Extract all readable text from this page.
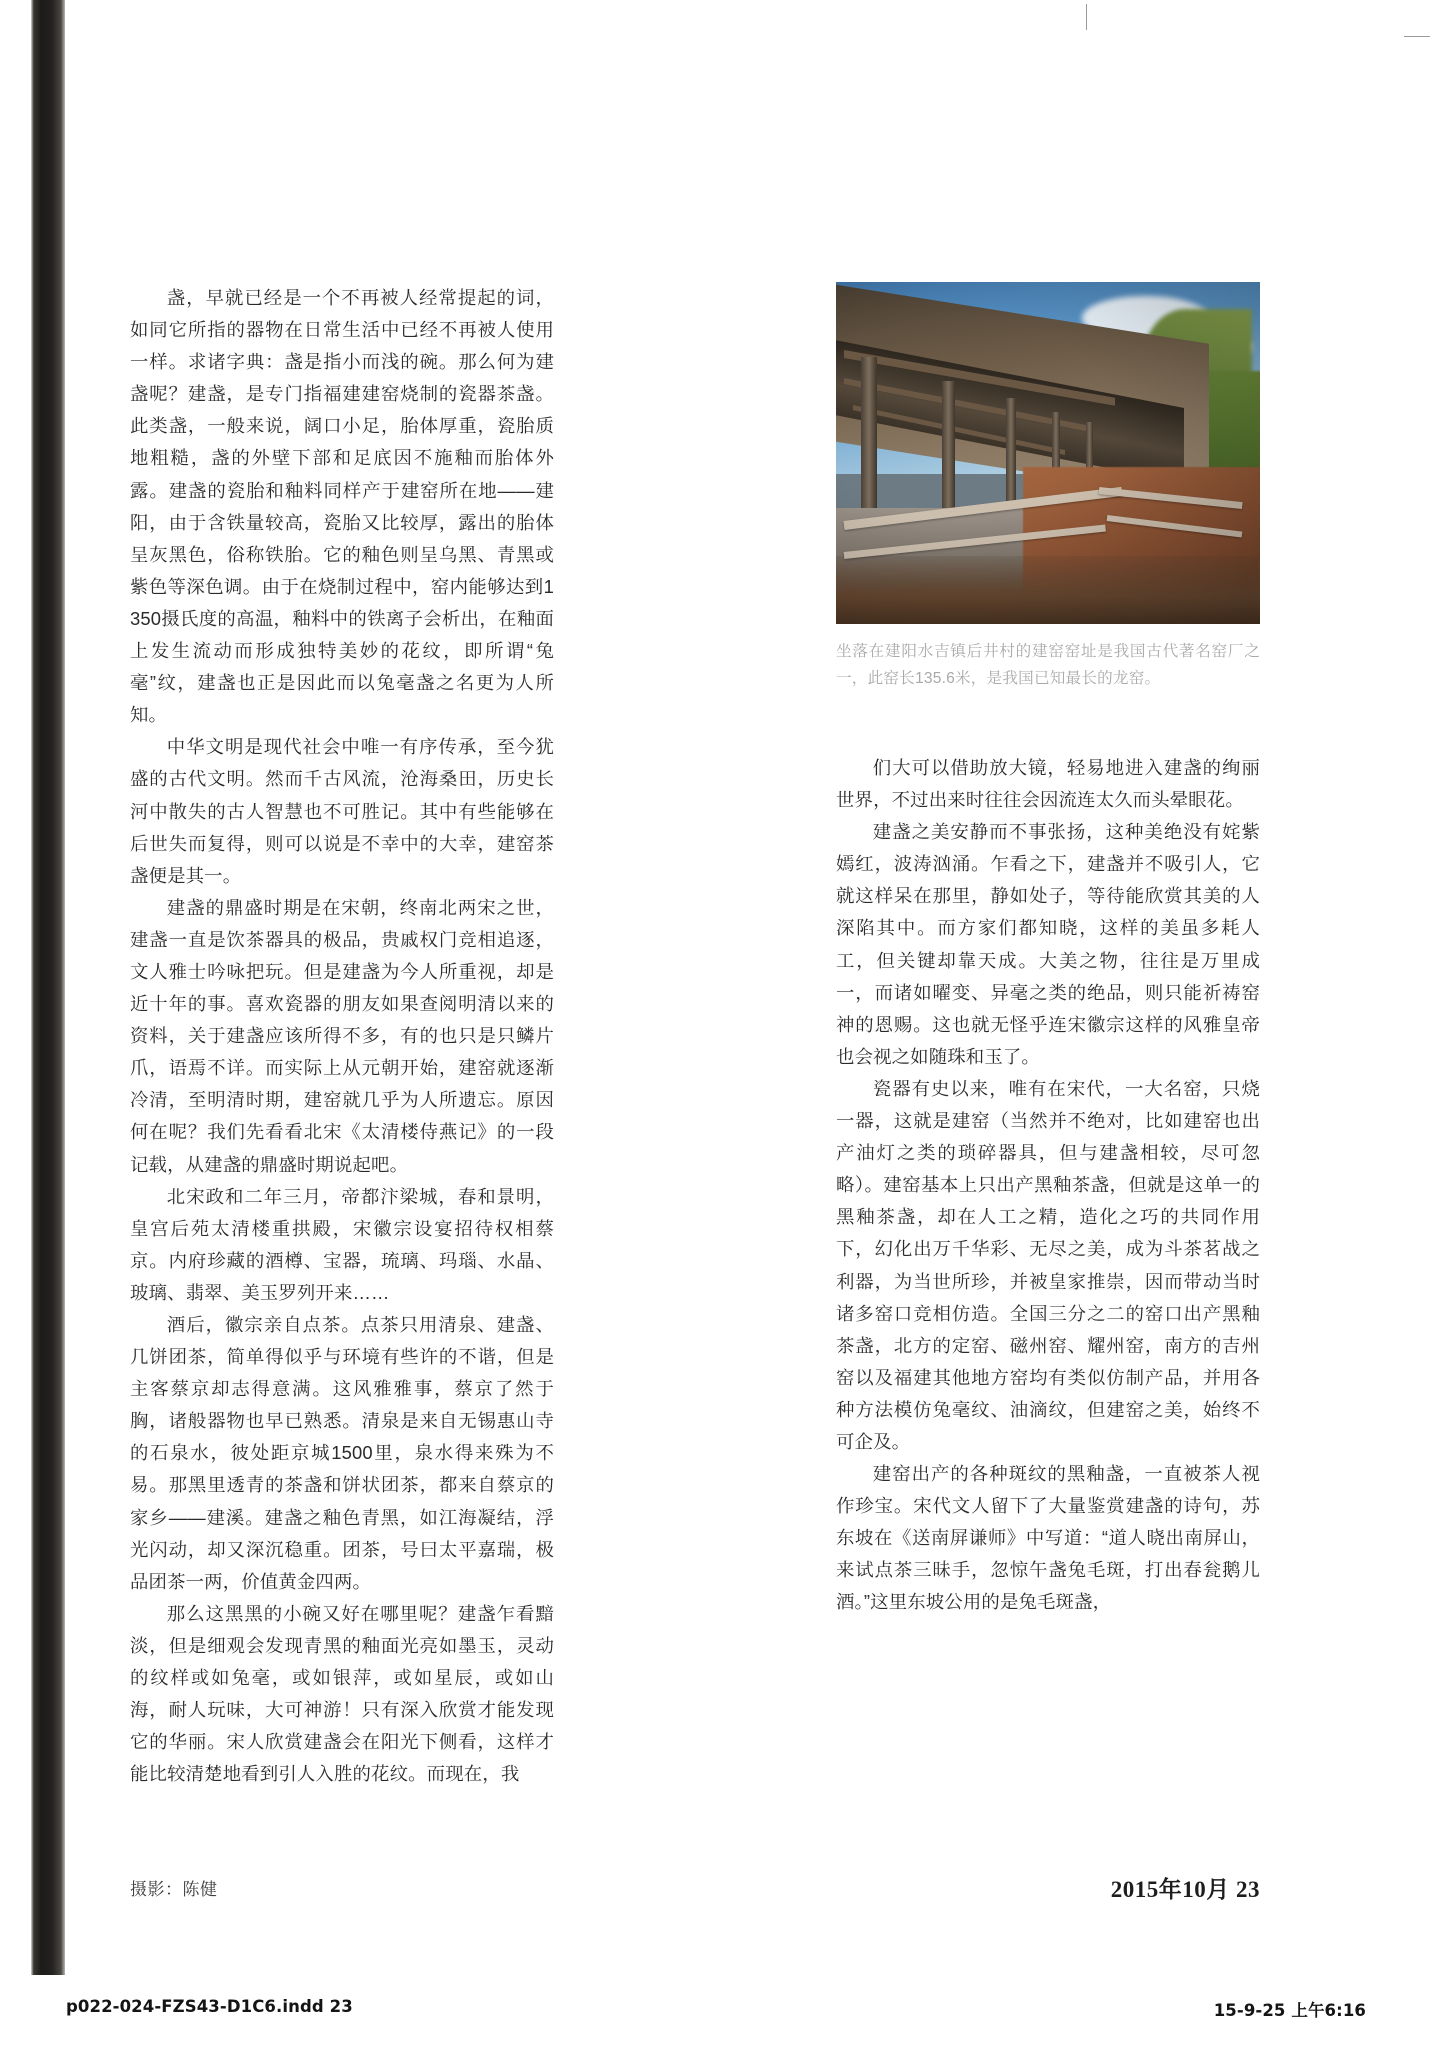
坐落在建阳水吉镇后井村的建窑窑址是我国古代著名窑厂之一，此窑长135.6米，是我国已知最长的龙窑。

盏，早就已经是一个不再被人经常提起的词，如同它所指的器物在日常生活中已经不再被人使用一样。求诸字典：盏是指小而浅的碗。那么何为建盏呢？建盏，是专门指福建建窑烧制的瓷器茶盏。此类盏，一般来说，阔口小足，胎体厚重，瓷胎质地粗糙，盏的外壁下部和足底因不施釉而胎体外露。建盏的瓷胎和釉料同样产于建窑所在地——建阳，由于含铁量较高，瓷胎又比较厚，露出的胎体呈灰黑色，俗称铁胎。它的釉色则呈乌黑、青黑或紫色等深色调。由于在烧制过程中，窑内能够达到1350摄氏度的高温，釉料中的铁离子会析出，在釉面上发生流动而形成独特美妙的花纹，即所谓“兔毫”纹，建盏也正是因此而以兔毫盏之名更为人所知。

中华文明是现代社会中唯一有序传承，至今犹盛的古代文明。然而千古风流，沧海桑田，历史长河中散失的古人智慧也不可胜记。其中有些能够在后世失而复得，则可以说是不幸中的大幸，建窑茶盏便是其一。

建盏的鼎盛时期是在宋朝，终南北两宋之世，建盏一直是饮茶器具的极品，贵戚权门竞相追逐，文人雅士吟咏把玩。但是建盏为今人所重视，却是近十年的事。喜欢瓷器的朋友如果查阅明清以来的资料，关于建盏应该所得不多，有的也只是只鳞片爪，语焉不详。而实际上从元朝开始，建窑就逐渐冷清，至明清时期，建窑就几乎为人所遗忘。原因何在呢？我们先看看北宋《太清楼侍燕记》的一段记载，从建盏的鼎盛时期说起吧。

北宋政和二年三月，帝都汴梁城，春和景明，皇宫后苑太清楼重拱殿，宋徽宗设宴招待权相蔡京。内府珍藏的酒樽、宝器，琉璃、玛瑙、水晶、玻璃、翡翠、美玉罗列开来……

酒后，徽宗亲自点茶。点茶只用清泉、建盏、几饼团茶，简单得似乎与环境有些许的不谐，但是主客蔡京却志得意满。这风雅雅事，蔡京了然于胸，诸般器物也早已熟悉。清泉是来自无锡惠山寺的石泉水，彼处距京城1500里，泉水得来殊为不易。那黑里透青的茶盏和饼状团茶，都来自蔡京的家乡——建溪。建盏之釉色青黑，如江海凝结，浮光闪动，却又深沉稳重。团茶，号曰太平嘉瑞，极品团茶一两，价值黄金四两。

那么这黑黑的小碗又好在哪里呢？建盏乍看黯淡，但是细观会发现青黑的釉面光亮如墨玉，灵动的纹样或如兔毫，或如银萍，或如星辰，或如山海，耐人玩味，大可神游！只有深入欣赏才能发现它的华丽。宋人欣赏建盏会在阳光下侧看，这样才能比较清楚地看到引人入胜的花纹。而现在，我

们大可以借助放大镜，轻易地进入建盏的绚丽世界，不过出来时往往会因流连太久而头晕眼花。

建盏之美安静而不事张扬，这种美绝没有姹紫嫣红，波涛汹涌。乍看之下，建盏并不吸引人，它就这样呆在那里，静如处子，等待能欣赏其美的人深陷其中。而方家们都知晓，这样的美虽多耗人工，但关键却靠天成。大美之物，往往是万里成一，而诸如曜变、异毫之类的绝品，则只能祈祷窑神的恩赐。这也就无怪乎连宋徽宗这样的风雅皇帝也会视之如随珠和玉了。

瓷器有史以来，唯有在宋代，一大名窑，只烧一器，这就是建窑（当然并不绝对，比如建窑也出产油灯之类的琐碎器具，但与建盏相较，尽可忽略）。建窑基本上只出产黑釉茶盏，但就是这单一的黑釉茶盏，却在人工之精，造化之巧的共同作用下，幻化出万千华彩、无尽之美，成为斗茶茗战之利器，为当世所珍，并被皇家推崇，因而带动当时诸多窑口竞相仿造。全国三分之二的窑口出产黑釉茶盏，北方的定窑、磁州窑、耀州窑，南方的吉州窑以及福建其他地方窑均有类似仿制产品，并用各种方法模仿兔毫纹、油滴纹，但建窑之美，始终不可企及。

建窑出产的各种斑纹的黑釉盏，一直被茶人视作珍宝。宋代文人留下了大量鉴赏建盏的诗句，苏东坡在《送南屏谦师》中写道：“道人晓出南屏山，来试点茶三昧手，忽惊午盏兔毛斑，打出春瓮鹅儿酒。”这里东坡公用的是兔毛斑盏，

摄影：陈健	2015年10月 23
p022-024-FZS43-D1C6.indd 23	15-9-25 上午6:16
